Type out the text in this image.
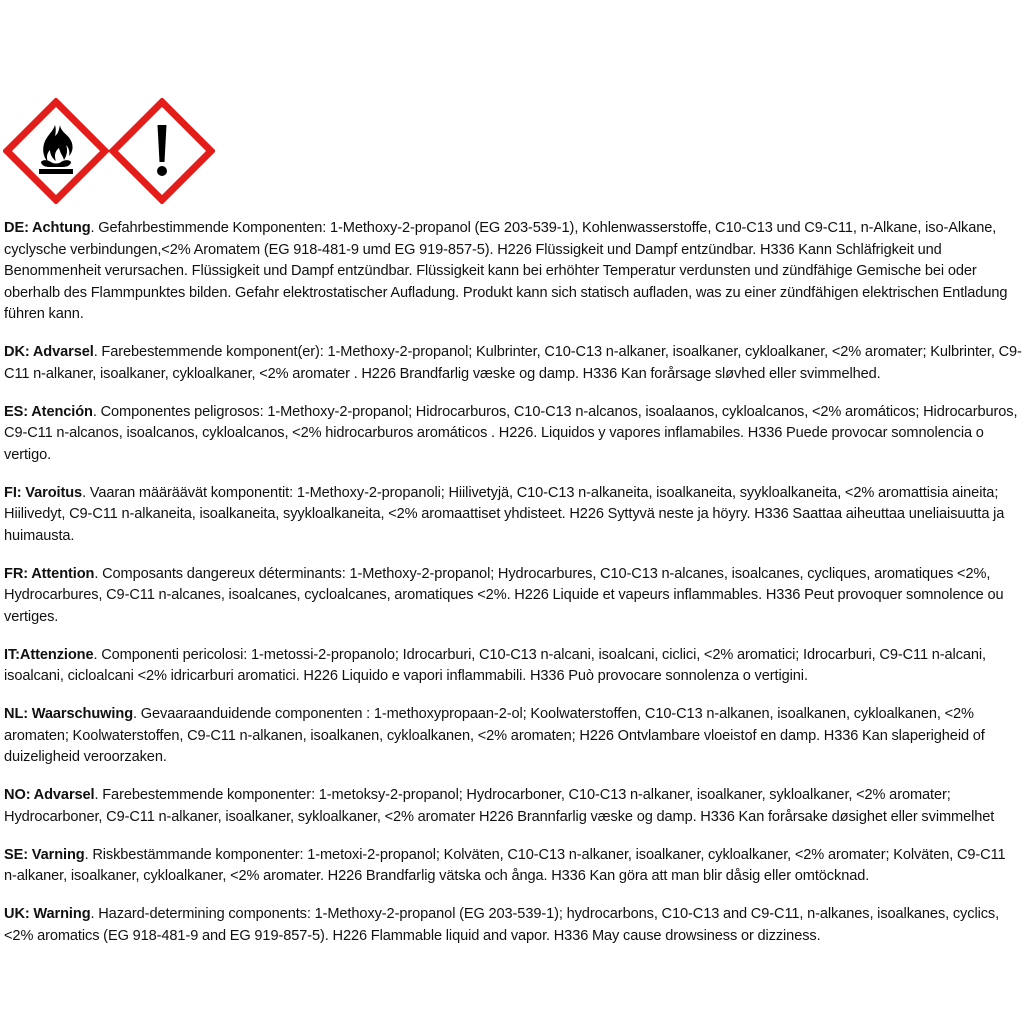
DE: Achtung. Gefahrbestimmende Komponenten: 1-Methoxy-2-propanol (EG 203-539-1), Kohlenwasserstoffe, C10-C13 und C9-C11, n-Alkane, iso-Alkane, cyclysche verbindungen,<2% Aromatem (EG 918-481-9 umd EG 919-857-5). H226 Flüssigkeit und Dampf entzündbar. H336 Kann Schläfrigkeit und Benommenheit verursachen. Flüssigkeit und Dampf entzündbar. Flüssigkeit kann bei erhöhter Temperatur verdunsten und zündfähige Gemische bei oder oberhalb des Flammpunktes bilden. Gefahr elektrostatischer Aufladung. Produkt kann sich statisch aufladen, was zu einer zündfähigen elektrischen Entladung führen kann.

DK: Advarsel. Farebestemmende komponent(er): 1-Methoxy-2-propanol; Kulbrinter, C10-C13 n-alkaner, isoalkaner, cykloalkaner, <2% aromater; Kulbrinter, C9-C11 n-alkaner, isoalkaner, cykloalkaner, <2% aromater . H226 Brandfarlig væske og damp. H336 Kan forårsage sløvhed eller svimmelhed.

ES: Atención. Componentes peligrosos: 1-Methoxy-2-propanol; Hidrocarburos, C10-C13 n-alcanos, isoalaanos, cykloalcanos, <2% aromáticos; Hidrocarburos, C9-C11 n-alcanos, isoalcanos, cykloalcanos, <2% hidrocarburos aromáticos . H226. Liquidos y vapores inflamabiles. H336 Puede provocar somnolencia o vertigo.

FI: Varoitus. Vaaran määräävät komponentit: 1-Methoxy-2-propanoli; Hiilivetyjä, C10-C13 n-alkaneita, isoalkaneita, syykloalkaneita, <2% aromattisia aineita; Hiilivedyt, C9-C11 n-alkaneita, isoalkaneita, syykloalkaneita, <2% aromaattiset yhdisteet. H226 Syttyvä neste ja höyry. H336 Saattaa aiheuttaa uneliaisuutta ja huimausta.

FR: Attention. Composants dangereux déterminants: 1-Methoxy-2-propanol; Hydrocarbures, C10-C13 n-alcanes, isoalcanes, cycliques, aromatiques <2%, Hydrocarbures, C9-C11 n-alcanes, isoalcanes, cycloalcanes, aromatiques <2%. H226 Liquide et vapeurs inflammables. H336 Peut provoquer somnolence ou vertiges.

IT:Attenzione. Componenti pericolosi: 1-metossi-2-propanolo; Idrocarburi, C10-C13 n-alcani, isoalcani, ciclici, <2% aromatici; Idrocarburi, C9-C11 n-alcani, isoalcani, cicloalcani <2% idricarburi aromatici. H226 Liquido e vapori inflammabili. H336 Può provocare sonnolenza o vertigini.

NL: Waarschuwing. Gevaaraanduidende componenten : 1-methoxypropaan-2-ol; Koolwaterstoffen, C10-C13 n-alkanen, isoalkanen, cykloalkanen, <2% aromaten; Koolwaterstoffen, C9-C11 n-alkanen, isoalkanen, cykloalkanen, <2% aromaten; H226 Ontvlambare vloeistof en damp. H336 Kan slaperigheid of duizeligheid veroorzaken.

NO: Advarsel. Farebestemmende komponenter: 1-metoksy-2-propanol; Hydrocarboner, C10-C13 n-alkaner, isoalkaner, sykloalkaner, <2% aromater; Hydrocarboner, C9-C11 n-alkaner, isoalkaner, sykloalkaner, <2% aromater H226 Brannfarlig væske og damp. H336 Kan forårsake døsighet eller svimmelhet

SE: Varning. Riskbestämmande komponenter: 1-metoxi-2-propanol; Kolväten, C10-C13 n-alkaner, isoalkaner, cykloalkaner, <2% aromater; Kolväten, C9-C11 n-alkaner, isoalkaner, cykloalkaner, <2% aromater. H226 Brandfarlig vätska och ånga. H336 Kan göra att man blir dåsig eller omtöcknad.

UK: Warning. Hazard-determining components: 1-Methoxy-2-propanol (EG 203-539-1); hydrocarbons, C10-C13 and C9-C11, n-alkanes, isoalkanes, cyclics, <2% aromatics (EG 918-481-9 and EG 919-857-5). H226 Flammable liquid and vapor. H336 May cause drowsiness or dizziness.
